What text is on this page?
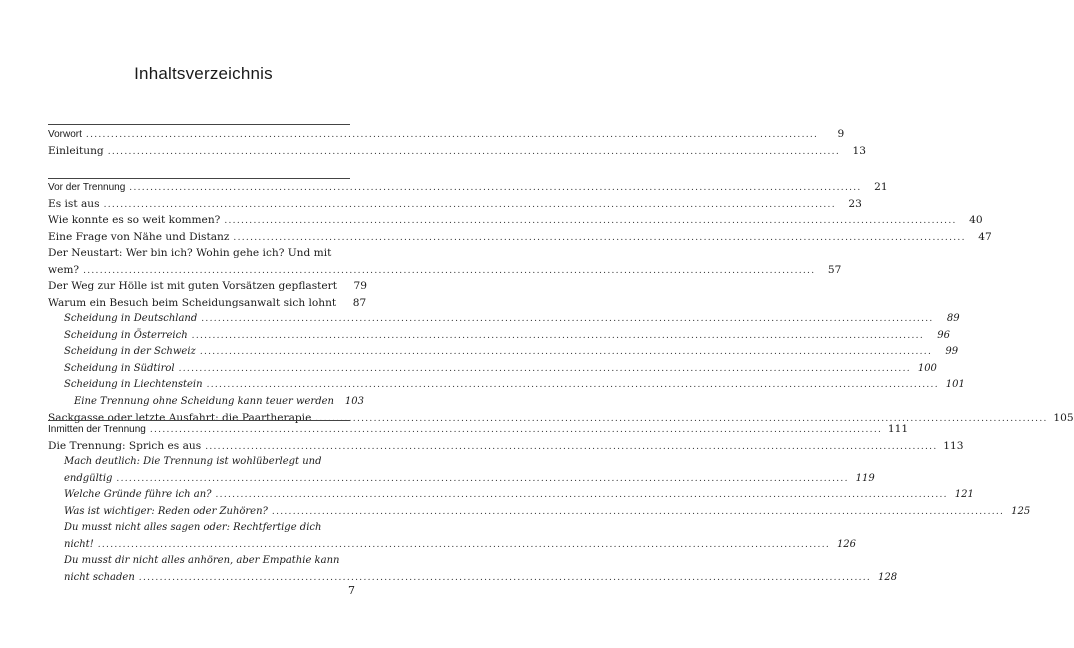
Inhaltsverzeichnis
Vorwort ................................................................................................................................................................................	9
Einleitung ................................................................................................................................................................................	13
Vor der Trennung ................................................................................................................................................................................	21
Es ist aus ................................................................................................................................................................................	23
Wie konnte es so weit kommen? ................................................................................................................................................................................	40
Eine Frage von Nähe und Distanz ................................................................................................................................................................................	47
Der Neustart: Wer bin ich? Wohin gehe ich? Und mit
wem? ................................................................................................................................................................................	57
Der Weg zur Hölle ist mit guten Vorsätzen gepflastert	79
Warum ein Besuch beim Scheidungsanwalt sich lohnt	87
Scheidung in Deutschland ................................................................................................................................................................................	89
Scheidung in Österreich ................................................................................................................................................................................	96
Scheidung in der Schweiz ................................................................................................................................................................................	99
Scheidung in Südtirol ................................................................................................................................................................................ 100
Scheidung in Liechtenstein ................................................................................................................................................................................ 101
Eine Trennung ohne Scheidung kann teuer werden 103
Sackgasse oder letzte Ausfahrt: die Paartherapie ................................................................................................................................................................................ 105
Inmitten der Trennung ................................................................................................................................................................................ 111
Die Trennung: Sprich es aus ................................................................................................................................................................................ 113
Mach deutlich: Die Trennung ist wohlüberlegt und
endgültig ................................................................................................................................................................................ 119
Welche Gründe führe ich an? ................................................................................................................................................................................ 121
Was ist wichtiger: Reden oder Zuhören? ................................................................................................................................................................................ 125
Du musst nicht alles sagen oder: Rechtfertige dich
nicht! ................................................................................................................................................................................ 126
Du musst dir nicht alles anhören, aber Empathie kann
nicht schaden ................................................................................................................................................................................ 128
7
